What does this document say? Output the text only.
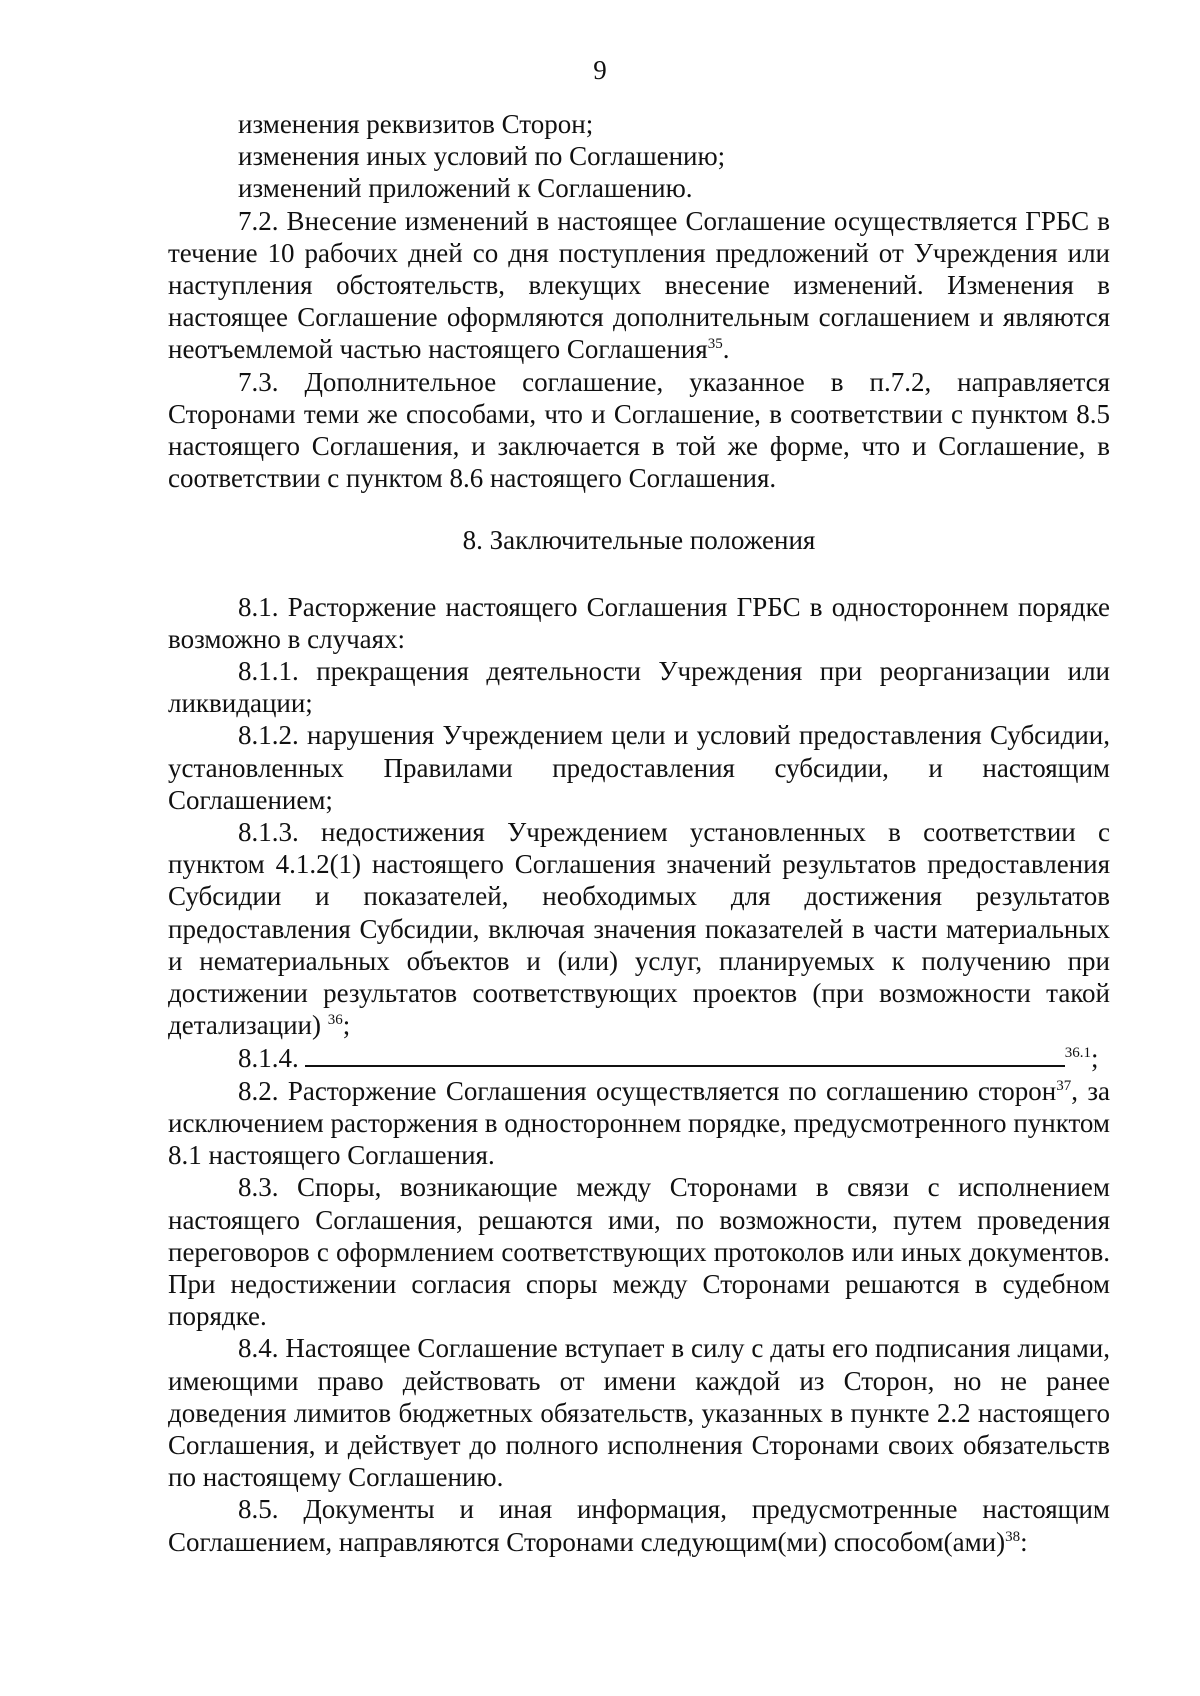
9

изменения реквизитов Сторон;

изменения иных условий по Соглашению;

изменений приложений к Соглашению.

7.2. Внесение изменений в настоящее Соглашение осуществляется ГРБС в течение 10 рабочих дней со дня поступления предложений от Учреждения или наступления обстоятельств, влекущих внесение изменений. Изменения в настоящее Соглашение оформляются дополнительным соглашением и являются неотъемлемой частью настоящего Соглашения$^{35}$.

7.3. Дополнительное соглашение, указанное в п.7.2, направляется Сторонами теми же способами, что и Соглашение, в соответствии с пунктом 8.5 настоящего Соглашения, и заключается в той же форме, что и Соглашение, в соответствии с пунктом 8.6 настоящего Соглашения.

8. Заключительные положения

8.1. Расторжение настоящего Соглашения ГРБС в одностороннем порядке возможно в случаях:

8.1.1. прекращения деятельности Учреждения при реорганизации или ликвидации;

8.1.2. нарушения Учреждением цели и условий предоставления Субсидии, установленных Правилами предоставления субсидии, и настоящим Соглашением;

8.1.3. недостижения Учреждением установленных в соответствии с пунктом 4.1.2(1) настоящего Соглашения значений результатов предоставления Субсидии и показателей, необходимых для достижения результатов предоставления Субсидии, включая значения показателей в части материальных и нематериальных объектов и (или) услуг, планируемых к получению при достижении результатов соответствующих проектов (при возможности такой детализации) $^{36}$;

8.1.4.	$^{36.1}$;

8.2. Расторжение Соглашения осуществляется по соглашению сторон$^{37}$, за исключением расторжения в одностороннем порядке, предусмотренного пунктом 8.1 настоящего Соглашения.

8.3. Споры, возникающие между Сторонами в связи с исполнением настоящего Соглашения, решаются ими, по возможности, путем проведения переговоров с оформлением соответствующих протоколов или иных документов. При недостижении согласия споры между Сторонами решаются в судебном порядке.

8.4. Настоящее Соглашение вступает в силу с даты его подписания лицами, имеющими право действовать от имени каждой из Сторон, но не ранее доведения лимитов бюджетных обязательств, указанных в пункте 2.2 настоящего Соглашения, и действует до полного исполнения Сторонами своих обязательств по настоящему Соглашению.

8.5. Документы и иная информация, предусмотренные настоящим Соглашением, направляются Сторонами следующим(ми) способом(ами)$^{38}$:
